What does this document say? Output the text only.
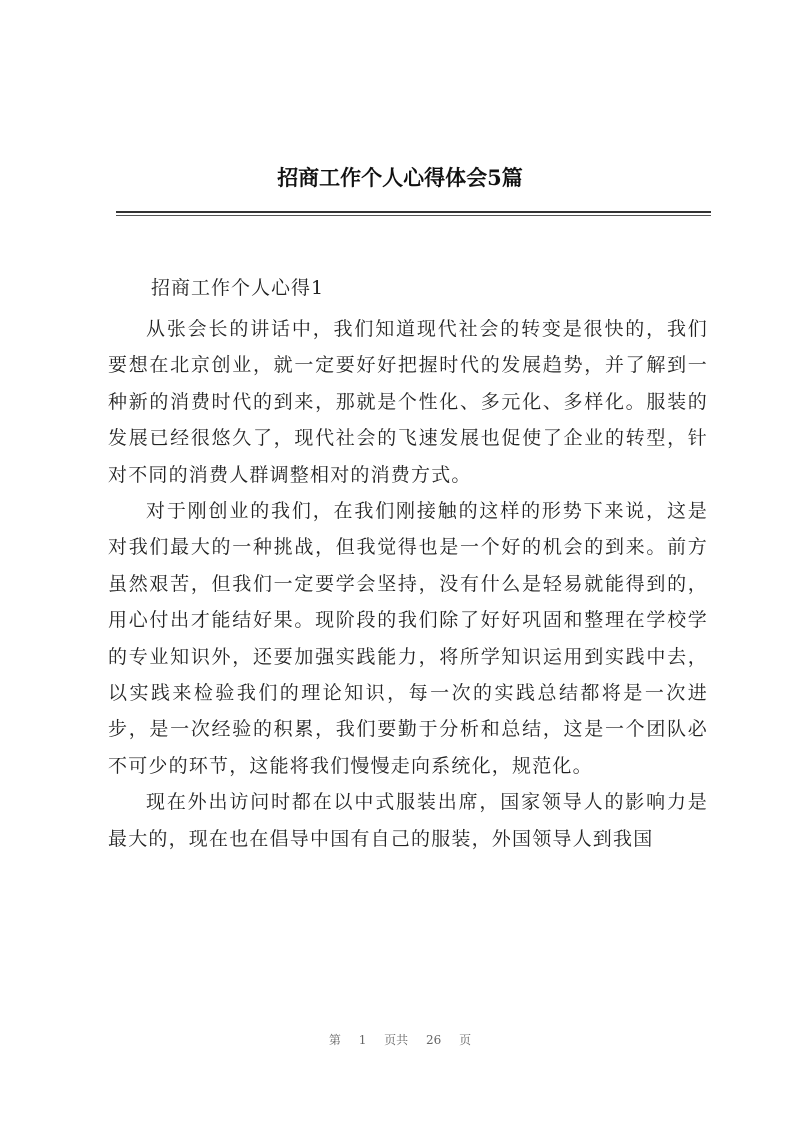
招商工作个人心得体会5篇
招商工作个人心得1

从张会长的讲话中，我们知道现代社会的转变是很快的，我们要想在北京创业，就一定要好好把握时代的发展趋势，并了解到一种新的消费时代的到来，那就是个性化、多元化、多样化。服装的发展已经很悠久了，现代社会的飞速发展也促使了企业的转型，针对不同的消费人群调整相对的消费方式。

对于刚创业的我们，在我们刚接触的这样的形势下来说，这是对我们最大的一种挑战，但我觉得也是一个好的机会的到来。前方虽然艰苦，但我们一定要学会坚持，没有什么是轻易就能得到的，用心付出才能结好果。现阶段的我们除了好好巩固和整理在学校学的专业知识外，还要加强实践能力，将所学知识运用到实践中去，以实践来检验我们的理论知识，每一次的实践总结都将是一次进步，是一次经验的积累，我们要勤于分析和总结，这是一个团队必不可少的环节，这能将我们慢慢走向系统化，规范化。

现在外出访问时都在以中式服装出席，国家领导人的影响力是最大的，现在也在倡导中国有自己的服装，外国领导人到我国

第 1 页共 26 页
